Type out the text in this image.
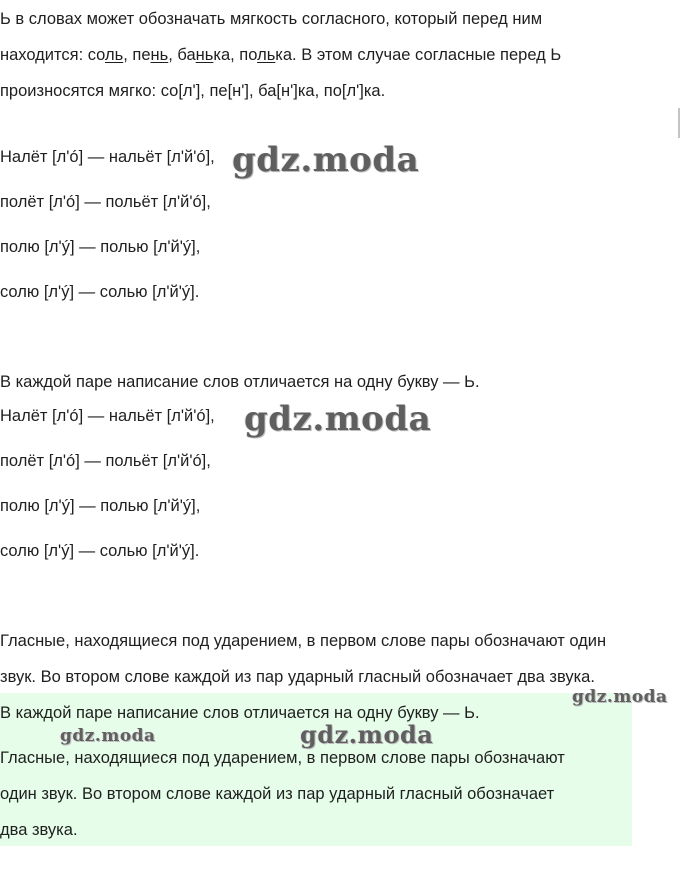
Ь в словах может обозначать мягкость согласного, который перед ним
находится: соль, пень, банька, полька. В этом случае согласные перед Ь
произносятся мягко: со[л'], пе[н'], ба[н']ка, по[л']ка.
Налёт [л'ó] — нальёт [л'й'ó],
полёт [л'ó] — польёт [л'й'ó],
полю [л'ý] — полью [л'й'ý],
солю [л'ý] — солью [л'й'ý].
gdz.moda
В каждой паре написание слов отличается на одну букву — Ь.
Налёт [л'ó] — нальёт [л'й'ó],
полёт [л'ó] — польёт [л'й'ó],
полю [л'ý] — полью [л'й'ý],
солю [л'ý] — солью [л'й'ý].
gdz.moda
Гласные, находящиеся под ударением, в первом слове пары обозначают один
звук. Во втором слове каждой из пар ударный гласный обозначает два звука.
В каждой паре написание слов отличается на одну букву — Ь.
Гласные, находящиеся под ударением, в первом слове пары обозначают
один звук. Во втором слове каждой из пар ударный гласный обозначает
два звука.
gdz.moda
gdz.moda	gdz.moda
